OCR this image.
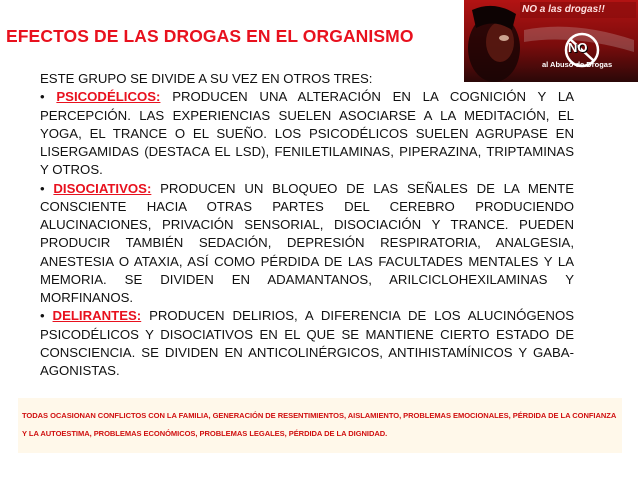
EFECTOS DE LAS DROGAS EN EL ORGANISMO
NO a las drogas!!
NO
al Abuso de Drogas

ESTE GRUPO SE DIVIDE A SU VEZ EN OTROS TRES:

• PSICODÉLICOS: PRODUCEN UNA ALTERACIÓN EN LA COGNICIÓN Y LA PERCEPCIÓN. LAS EXPERIENCIAS SUELEN ASOCIARSE A LA MEDITACIÓN, EL YOGA, EL TRANCE O EL SUEÑO. LOS PSICODÉLICOS SUELEN AGRUPASE EN LISERGAMIDAS (DESTACA EL LSD), FENILETILAMINAS, PIPERAZINA, TRIPTAMINAS Y OTROS.

• DISOCIATIVOS: PRODUCEN UN BLOQUEO DE LAS SEÑALES DE LA MENTE CONSCIENTE HACIA OTRAS PARTES DEL CEREBRO PRODUCIENDO ALUCINACIONES, PRIVACIÓN SENSORIAL, DISOCIACIÓN Y TRANCE. PUEDEN PRODUCIR TAMBIÉN SEDACIÓN, DEPRESIÓN RESPIRATORIA, ANALGESIA, ANESTESIA O ATAXIA, ASÍ COMO PÉRDIDA DE LAS FACULTADES MENTALES Y LA MEMORIA. SE DIVIDEN EN ADAMANTANOS, ARILCICLOHEXILAMINAS Y MORFINANOS.

• DELIRANTES: PRODUCEN DELIRIOS, A DIFERENCIA DE LOS ALUCINÓGENOS PSICODÉLICOS Y DISOCIATIVOS EN EL QUE SE MANTIENE CIERTO ESTADO DE CONSCIENCIA. SE DIVIDEN EN ANTICOLINÉRGICOS, ANTIHISTAMÍNICOS Y GABA-AGONISTAS.

TODAS OCASIONAN CONFLICTOS CON LA FAMILIA, GENERACIÓN DE RESENTIMIENTOS, AISLAMIENTO, PROBLEMAS EMOCIONALES, PÉRDIDA DE LA CONFIANZA Y LA AUTOESTIMA, PROBLEMAS ECONÓMICOS, PROBLEMAS LEGALES, PÉRDIDA DE LA DIGNIDAD.
